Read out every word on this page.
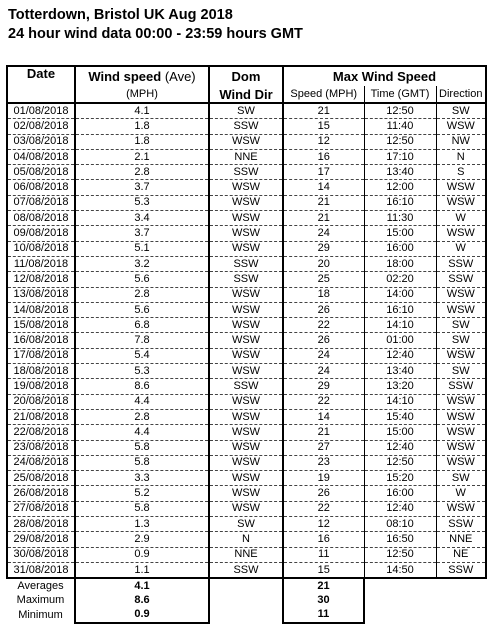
Totterdown, Bristol UK Aug 2018
24 hour wind data 00:00 - 23:59 hours GMT
Date	Wind speed (Ave)	Dom	Max Wind Speed		
	(MPH)	Wind Dir	Speed (MPH)	Time (GMT)	Direction
01/08/2018	4.1	SW	21	12:50	SW
02/08/2018	1.8	SSW	15	11:40	WSW
03/08/2018	1.8	WSW	12	12:50	NW
04/08/2018	2.1	NNE	16	17:10	N
05/08/2018	2.8	SSW	17	13:40	S
06/08/2018	3.7	WSW	14	12:00	WSW
07/08/2018	5.3	WSW	21	16:10	WSW
08/08/2018	3.4	WSW	21	11:30	W
09/08/2018	3.7	WSW	24	15:00	WSW
10/08/2018	5.1	WSW	29	16:00	W
11/08/2018	3.2	SSW	20	18:00	SSW
12/08/2018	5.6	SSW	25	02:20	SSW
13/08/2018	2.8	WSW	18	14:00	WSW
14/08/2018	5.6	WSW	26	16:10	WSW
15/08/2018	6.8	WSW	22	14:10	SW
16/08/2018	7.8	WSW	26	01:00	SW
17/08/2018	5.4	WSW	24	12:40	WSW
18/08/2018	5.3	WSW	24	13:40	SW
19/08/2018	8.6	SSW	29	13:20	SSW
20/08/2018	4.4	WSW	22	14:10	WSW
21/08/2018	2.8	WSW	14	15:40	WSW
22/08/2018	4.4	WSW	21	15:00	WSW
23/08/2018	5.8	WSW	27	12:40	WSW
24/08/2018	5.8	WSW	23	12:50	WSW
25/08/2018	3.3	WSW	19	15:20	SW
26/08/2018	5.2	WSW	26	16:00	W
27/08/2018	5.8	WSW	22	12:40	WSW
28/08/2018	1.3	SW	12	08:10	SSW
29/08/2018	2.9	N	16	16:50	NNE
30/08/2018	0.9	NNE	11	12:50	NE
31/08/2018	1.1	SSW	15	14:50	SSW
Averages	4.1		21		
Maximum	8.6		30		
Minimum	0.9		11		
